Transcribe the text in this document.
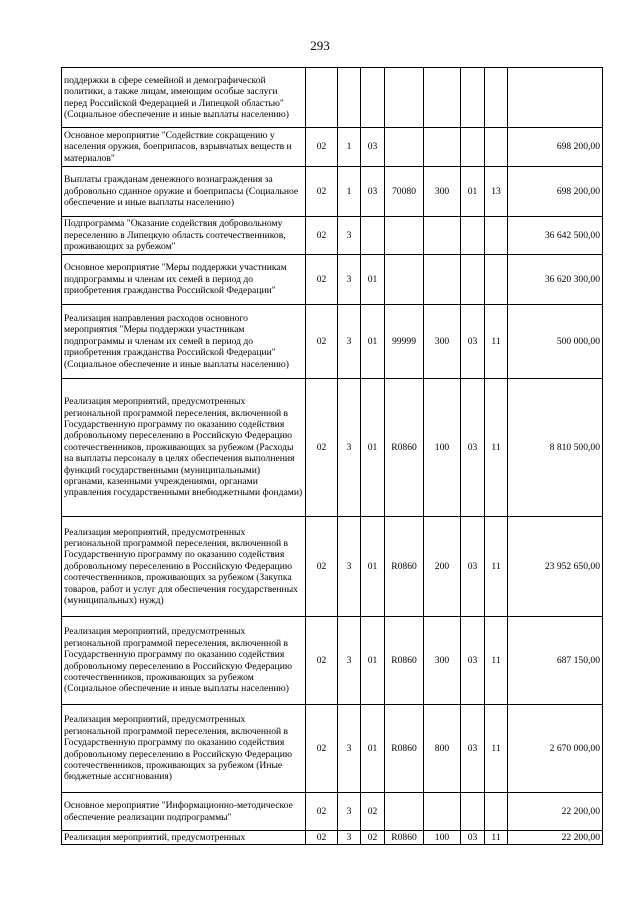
293
поддержки в сфере семейной и демографической политики, а также лицам, имеющим особые заслуги перед Российской Федерацией и Липецкой областью" (Социальное обеспечение и иные выплаты населению)								
Основное мероприятие "Содействие сокращению у населения оружия, боеприпасов, взрывчатых веществ и материалов"	02	1	03					698 200,00
Выплаты гражданам денежного вознаграждения за добровольно сданное оружие и боеприпасы (Социальное обеспечение и иные выплаты населению)	02	1	03	70080	300	01	13	698 200,00
Подпрограмма "Оказание содействия добровольному переселению в Липецкую область соотечественников, проживающих за рубежом"	02	3						36 642 500,00
Основное мероприятие "Меры поддержки участникам подпрограммы и членам их семей в период до приобретения гражданства Российской Федерации"	02	3	01					36 620 300,00
Реализация направления расходов основного мероприятия "Меры поддержки участникам подпрограммы и членам их семей в период до приобретения гражданства Российской Федерации" (Социальное обеспечение и иные выплаты населению)	02	3	01	99999	300	03	11	500 000,00
Реализация мероприятий, предусмотренных региональной программой переселения, включенной в Государственную программу по оказанию содействия добровольному переселению в Российскую Федерацию соотечественников, проживающих за рубежом (Расходы на выплаты персоналу в целях обеспечения выполнения функций государственными (муниципальными) органами, казенными учреждениями, органами управления государственными внебюджетными фондами)	02	3	01	R0860	100	03	11	8 810 500,00
Реализация мероприятий, предусмотренных региональной программой переселения, включенной в Государственную программу по оказанию содействия добровольному переселению в Российскую Федерацию соотечественников, проживающих за рубежом (Закупка товаров, работ и услуг для обеспечения государственных (муниципальных) нужд)	02	3	01	R0860	200	03	11	23 952 650,00
Реализация мероприятий, предусмотренных региональной программой переселения, включенной в Государственную программу по оказанию содействия добровольному переселению в Российскую Федерацию соотечественников, проживающих за рубежом (Социальное обеспечение и иные выплаты населению)	02	3	01	R0860	300	03	11	687 150,00
Реализация мероприятий, предусмотренных региональной программой переселения, включенной в Государственную программу по оказанию содействия добровольному переселению в Российскую Федерацию соотечественников, проживающих за рубежом (Иные бюджетные ассигнования)	02	3	01	R0860	800	03	11	2 670 000,00
Основное мероприятие "Информационно-методическое обеспечение реализации подпрограммы"	02	3	02					22 200,00
Реализация мероприятий, предусмотренных	02	3	02	R0860	100	03	11	22 200,00
